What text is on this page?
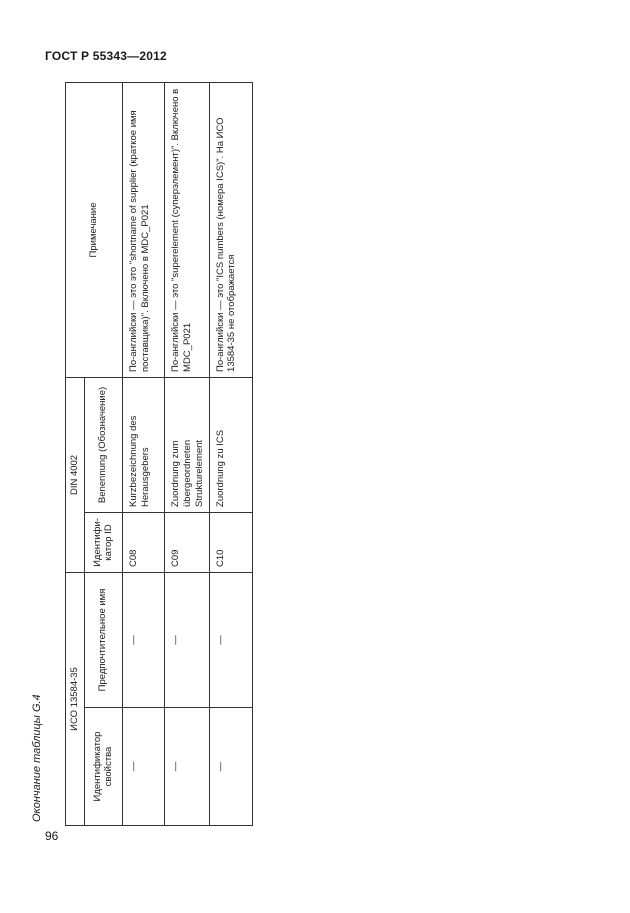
ГОСТ Р 55343—2012
Окончание таблицы G.4	ИСО 13584-35		DIN 4002		Примечание
Идентификатор свойства	Предпочтительное имя	Идентифи-катор ID	Benennung (Обозначение)	
—	—	C08	Kurzbezeichnung des Herausgebers	По-английски — это это "shortname of supplier (краткое имя поставщика)". Включено в MDC_P021
—	—	C09	Zuordnung zum übergeordneten Strukturelement	По-английски — это "superelement (суперэлемент)". Включено в MDC_P021
—	—	C10	Zuordnung zu ICS	По-английски — это "ICS numbers (номера ICS)". На ИСО 13584-35 не отображается
96
